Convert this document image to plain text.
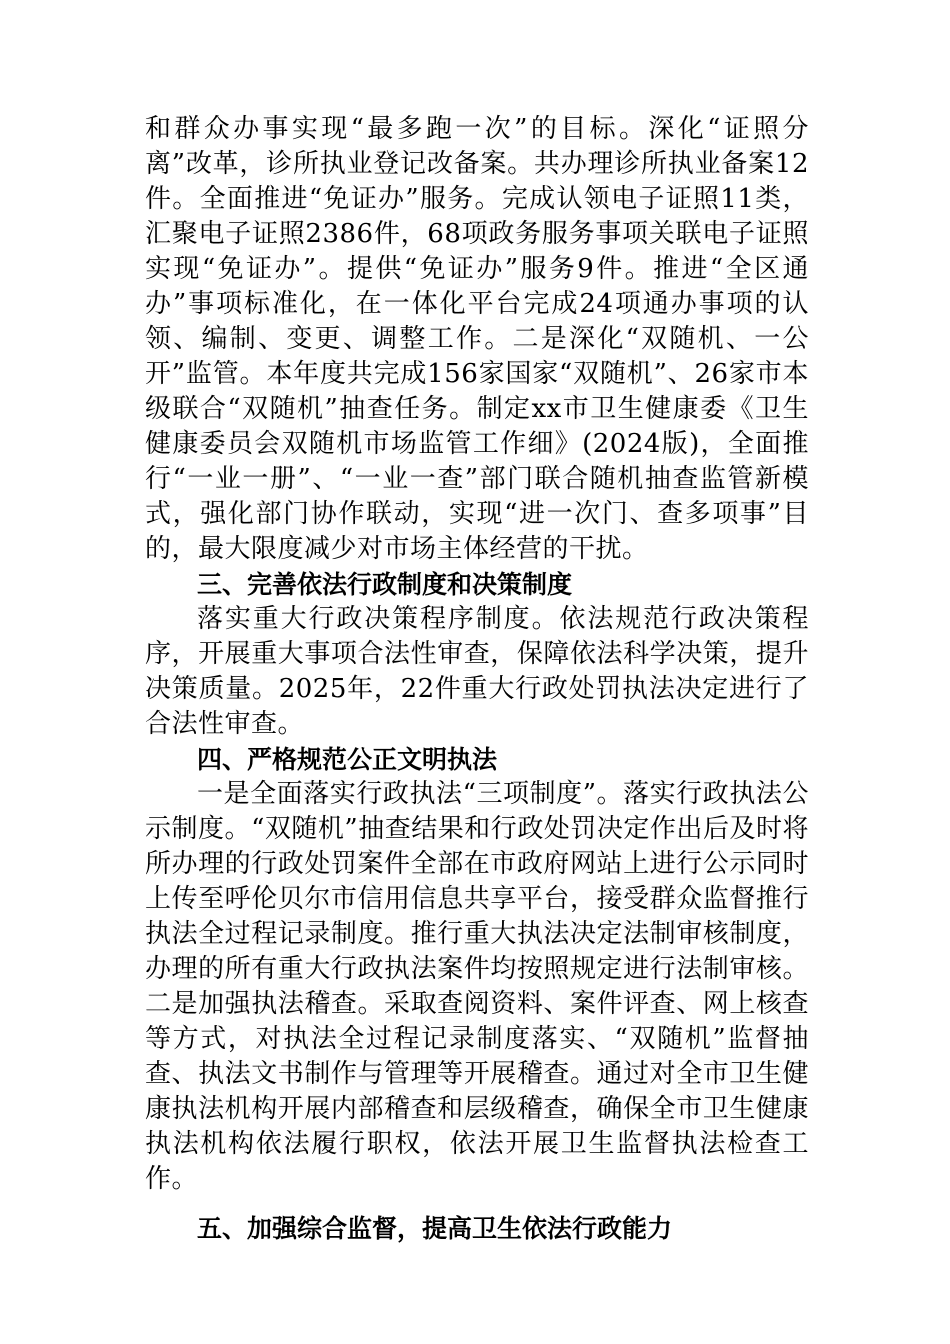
和群众办事实现“最多跑一次”的目标。深化“证照分离”改革，诊所执业登记改备案。共办理诊所执业备案12件。全面推进“免证办”服务。完成认领电子证照11类，汇聚电子证照2386件，68项政务服务事项关联电子证照实现“免证办”。提供“免证办”服务9件。推进“全区通办”事项标准化，在一体化平台完成24项通办事项的认领、编制、变更、调整工作。二是深化“双随机、一公开”监管。本年度共完成156家国家“双随机”、26家市本级联合“双随机”抽查任务。制定xx市卫生健康委《卫生健康委员会双随机市场监管工作细》(2024版)，全面推行“一业一册”、“一业一查”部门联合随机抽查监管新模式，强化部门协作联动，实现“进一次门、查多项事”目的，最大限度减少对市场主体经营的干扰。

三、完善依法行政制度和决策制度

落实重大行政决策程序制度。依法规范行政决策程序，开展重大事项合法性审查，保障依法科学决策，提升决策质量。2025年，22件重大行政处罚执法决定进行了合法性审查。

四、严格规范公正文明执法

一是全面落实行政执法“三项制度”。落实行政执法公示制度。“双随机”抽查结果和行政处罚决定作出后及时将所办理的行政处罚案件全部在市政府网站上进行公示同时上传至呼伦贝尔市信用信息共享平台，接受群众监督推行执法全过程记录制度。推行重大执法决定法制审核制度，办理的所有重大行政执法案件均按照规定进行法制审核。二是加强执法稽查。采取查阅资料、案件评查、网上核查等方式，对执法全过程记录制度落实、“双随机”监督抽查、执法文书制作与管理等开展稽查。通过对全市卫生健康执法机构开展内部稽查和层级稽查，确保全市卫生健康执法机构依法履行职权，依法开展卫生监督执法检查工作。

五、加强综合监督，提高卫生依法行政能力
